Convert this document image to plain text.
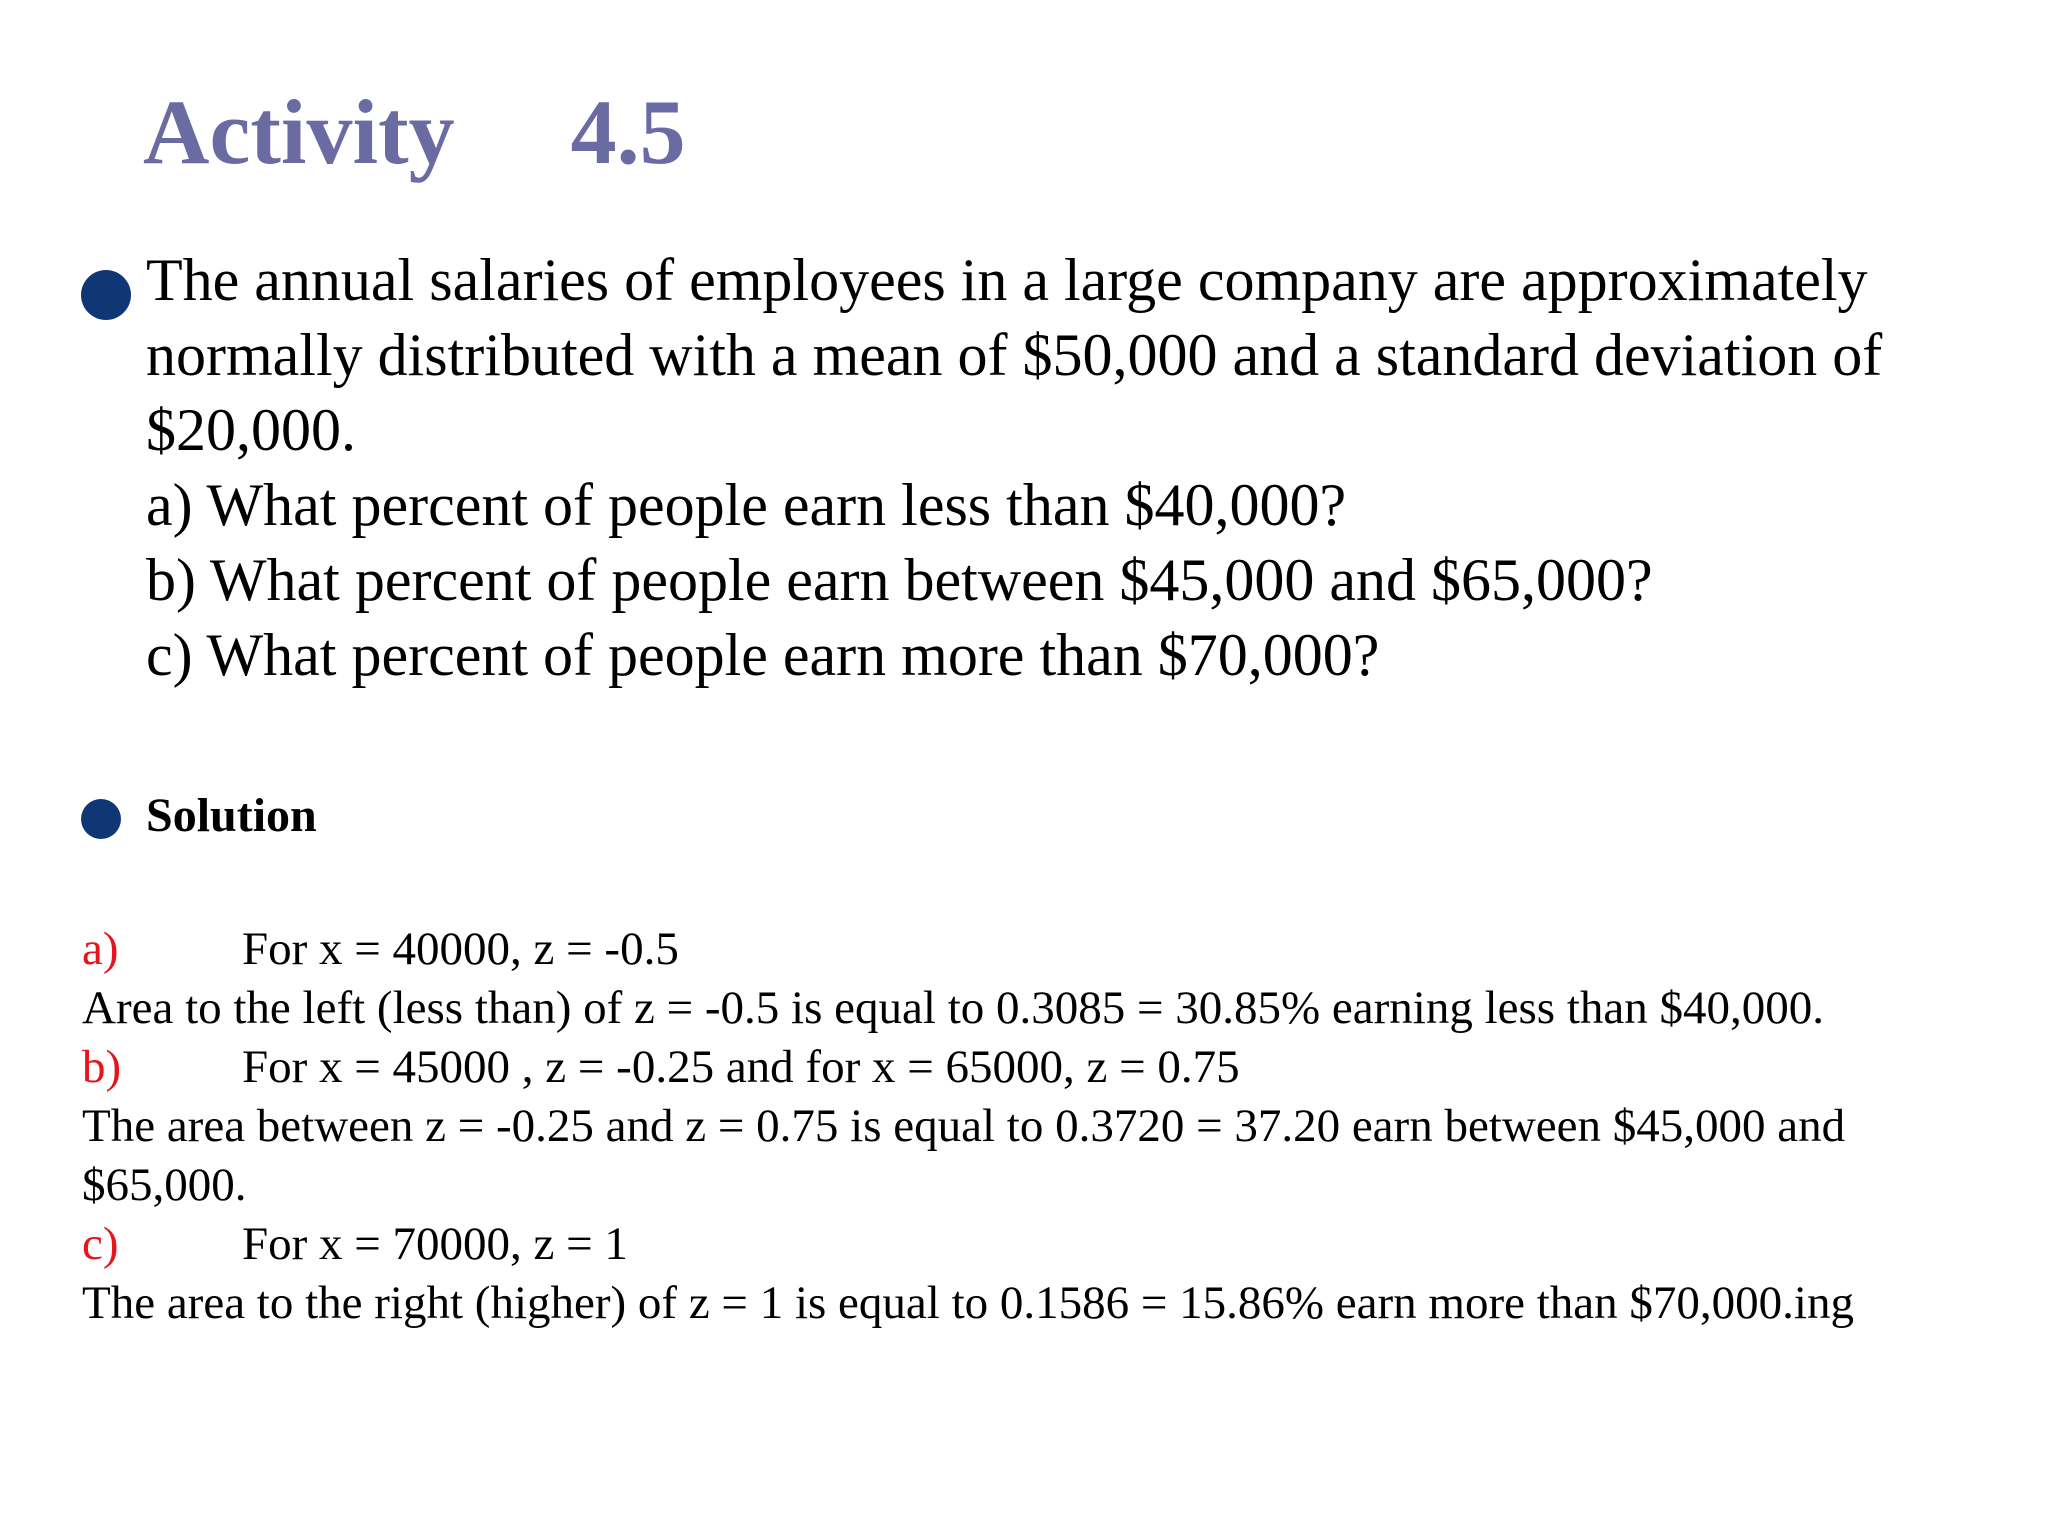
Activity 4.5
The annual salaries of employees in a large company are approximately
normally distributed with a mean of $50,000 and a standard deviation of
$20,000.
a) What percent of people earn less than $40,000?
b) What percent of people earn between $45,000 and $65,000?
c) What percent of people earn more than $70,000?
Solution
a)	For x = 40000, z = -0.5
Area to the left (less than) of z = -0.5 is equal to 0.3085 = 30.85% earning less than $40,000.
b)	For x = 45000 , z = -0.25 and for x = 65000, z = 0.75
The area between z = -0.25 and z = 0.75 is equal to 0.3720 = 37.20 earn between $45,000 and
$65,000.
c)	For x = 70000, z = 1
The area to the right (higher) of z = 1 is equal to 0.1586 = 15.86% earn more than $70,000.ing
